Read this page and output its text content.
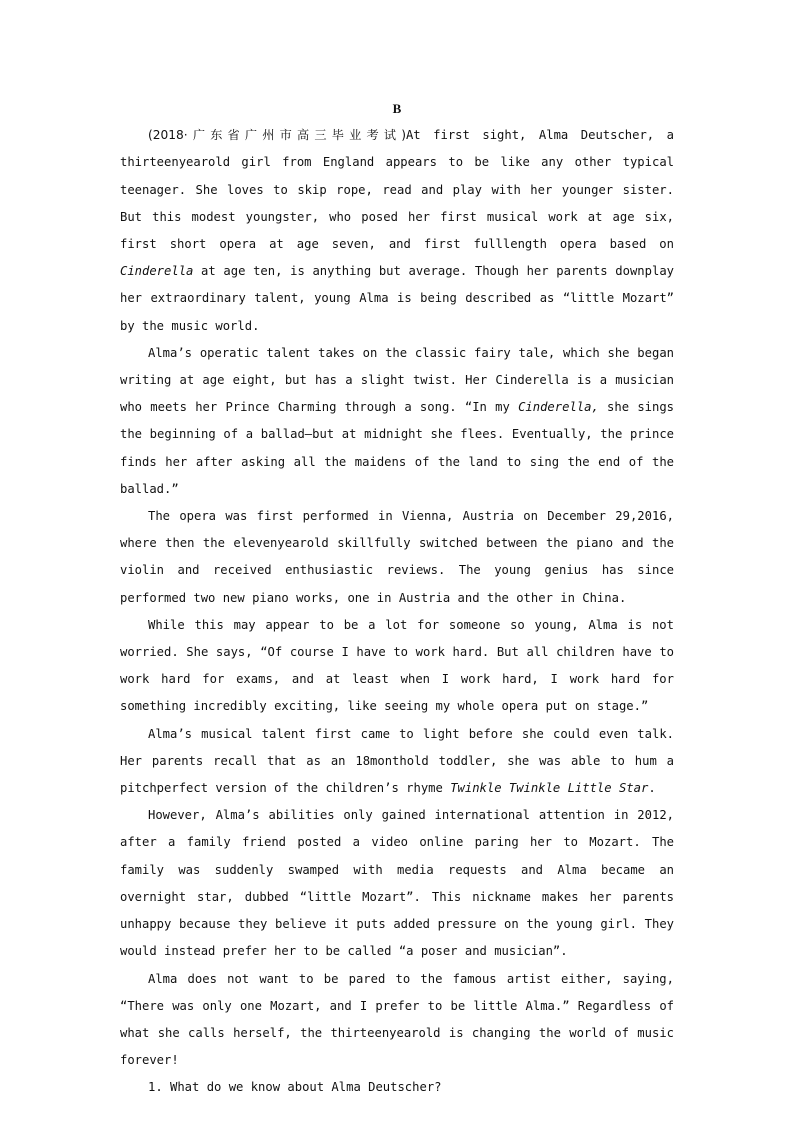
B

(2018·广东省广州市高三毕业考试)At first sight, Alma Deutscher, a thirteenyearold girl from England appears to be like any other typical teenager. She loves to skip rope, read and play with her younger sister. But this modest youngster, who posed her first musical work at age six, first short opera at age seven, and first fulllength opera based on Cinderella at age ten, is anything but average. Though her parents downplay her extraordinary talent, young Alma is being described as “little Mozart” by the music world.

Alma’s operatic talent takes on the classic fairy tale, which she began writing at age eight, but has a slight twist. Her Cinderella is a musician who meets her Prince Charming through a song. “In my Cinderella, she sings the beginning of a ballad—but at midnight she flees. Eventually, the prince finds her after asking all the maidens of the land to sing the end of the ballad.”

The opera was first performed in Vienna, Austria on December 29,2016, where then the elevenyearold skillfully switched between the piano and the violin and received enthusiastic reviews. The young genius has since performed two new piano works, one in Austria and the other in China.

While this may appear to be a lot for someone so young, Alma is not worried. She says, “Of course I have to work hard. But all children have to work hard for exams, and at least when I work hard, I work hard for something incredibly exciting, like seeing my whole opera put on stage.”

Alma’s musical talent first came to light before she could even talk. Her parents recall that as an 18monthold toddler, she was able to hum a pitchperfect version of the children’s rhyme Twinkle Twinkle Little Star.

However, Alma’s abilities only gained international attention in 2012, after a family friend posted a video online paring her to Mozart. The family was suddenly swamped with media requests and Alma became an overnight star, dubbed “little Mozart”. This nickname makes her parents unhappy because they believe it puts added pressure on the young girl. They would instead prefer her to be called “a poser and musician”.

Alma does not want to be pared to the famous artist either, saying, “There was only one Mozart, and I prefer to be little Alma.” Regardless of what she calls herself, the thirteenyearold is changing the world of music forever!

1. What do we know about Alma Deutscher?
